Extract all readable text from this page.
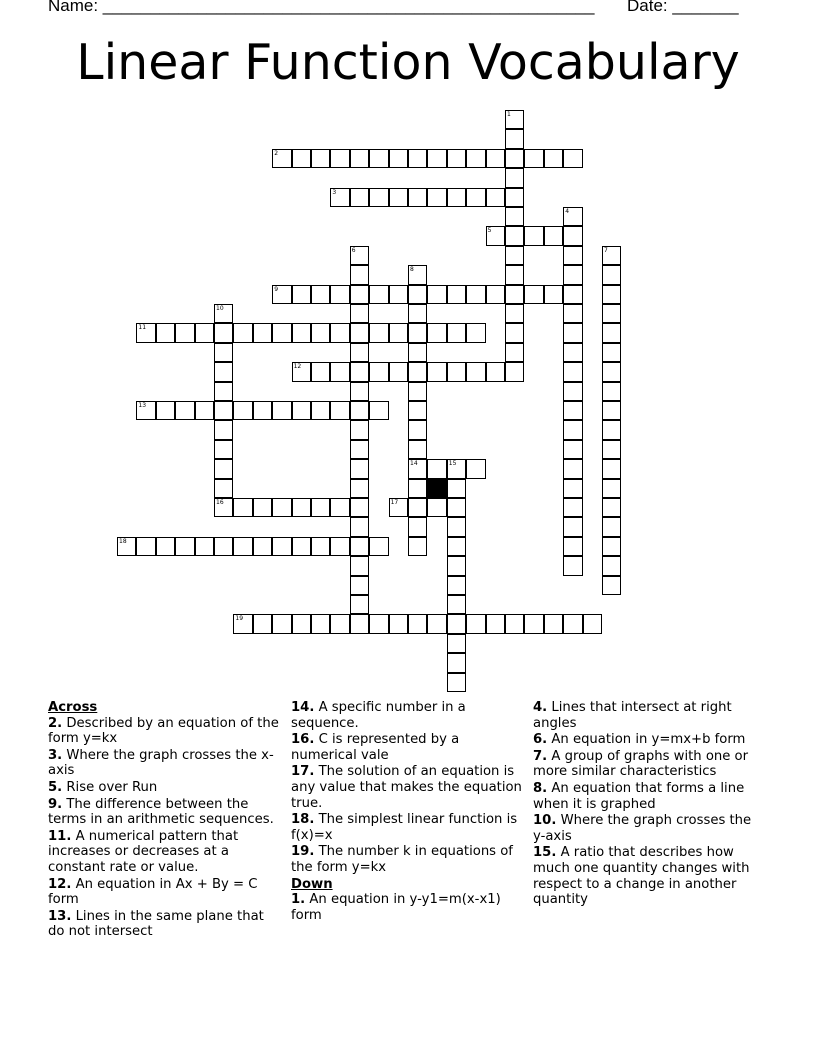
Name: ____________________________________________________ Date: _______
Linear Function Vocabulary
1
2
3
4
5
6	7
8
14
9
10
11
12
13
15
16	17
18
19
Across
2. Described by an equation of the form y=kx
3. Where the graph crosses the x-axis
5. Rise over Run
9. The difference between the terms in an arithmetic sequences.
11. A numerical pattern that increases or decreases at a constant rate or value.
12. An equation in Ax + By = C form
13. Lines in the same plane that do not intersect
14. A specific number in a sequence.
16. C is represented by a numerical vale
17. The solution of an equation is any value that makes the equation true.
18. The simplest linear function is f(x)=x
19. The number k in equations of the form y=kx
Down
1. An equation in y-y1=m(x-x1) form
4. Lines that intersect at right angles
6. An equation in y=mx+b form
7. A group of graphs with one or more similar characteristics
8. An equation that forms a line when it is graphed
10. Where the graph crosses the y-axis
15. A ratio that describes how much one quantity changes with respect to a change in another quantity
